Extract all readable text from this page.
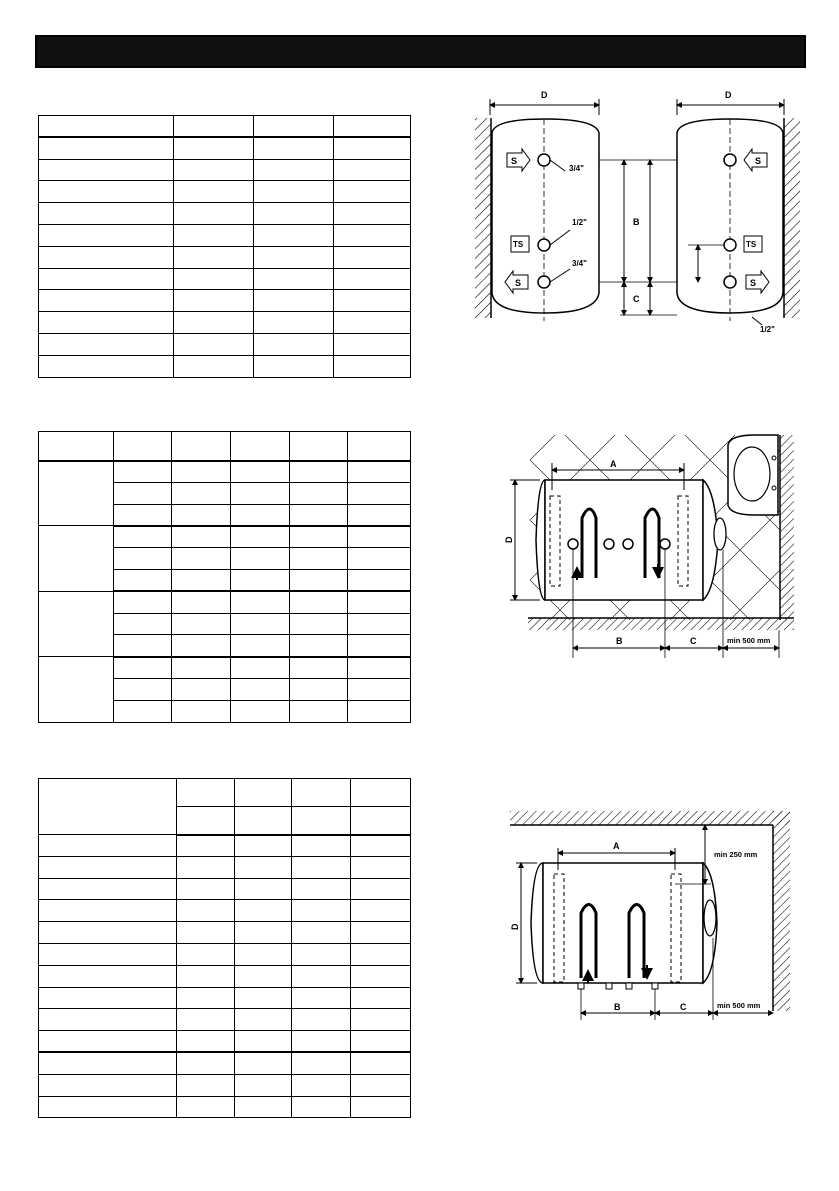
S
TS
S
3/4"
1/2"
3/4"
S
TS
S
1/2"
D	D
B
C
A
D
B	C	min 500 mm
A
D
min 250 mm
B	C	min 500 mm
